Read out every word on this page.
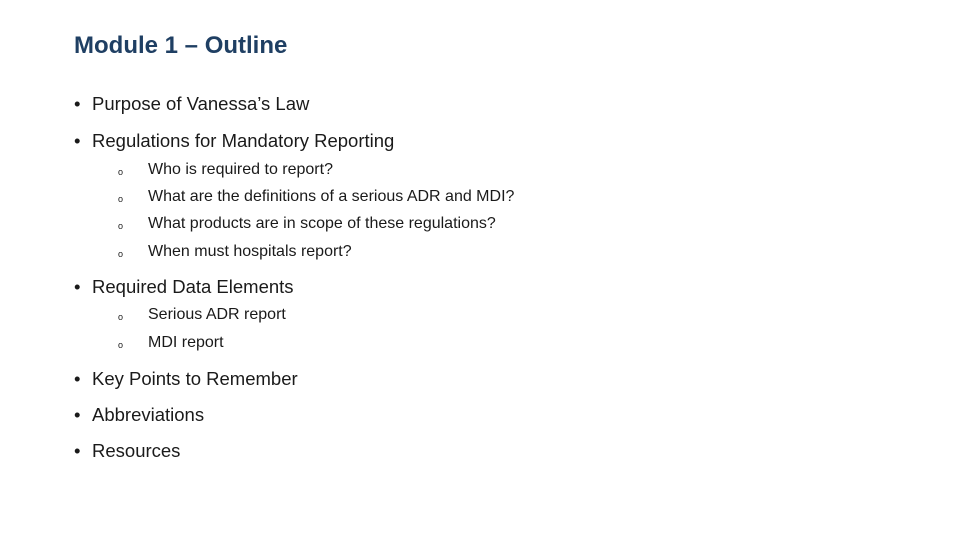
Module 1 – Outline
• Purpose of Vanessa’s Law
• Regulations for Mandatory Reporting
o Who is required to report?
o What are the definitions of a serious ADR and MDI?
o What products are in scope of these regulations?
o When must hospitals report?
• Required Data Elements
o Serious ADR report
o MDI report
• Key Points to Remember
• Abbreviations
• Resources
